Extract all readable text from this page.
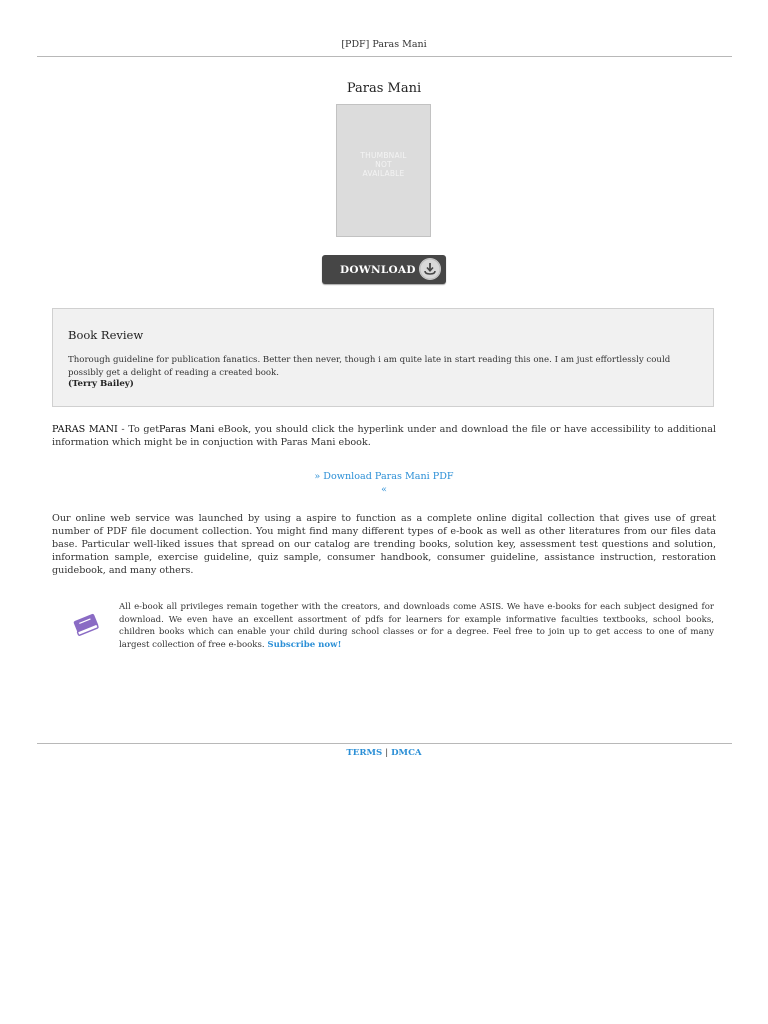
[PDF] Paras Mani
Paras Mani
THUMBNAIL
NOT
AVAILABLE
DOWNLOAD
Book Review
Thorough guideline for publication fanatics. Better then never, though i am quite late in start reading this one. I am just effortlessly could possibly get a delight of reading a created book.
(Terry Bailey)
PARAS MANI - To getParas Mani eBook, you should click the hyperlink under and download the file or have accessibility to additional information which might be in conjuction with Paras Mani ebook.
» Download Paras Mani PDF
«
Our online web service was launched by using a aspire to function as a complete online digital collection that gives use of great number of PDF file document collection. You might find many different types of e-book as well as other literatures from our files data base. Particular well-liked issues that spread on our catalog are trending books, solution key, assessment test questions and solution, information sample, exercise guideline, quiz sample, consumer handbook, consumer guideline, assistance instruction, restoration guidebook, and many others.
All e-book all privileges remain together with the creators, and downloads come ASIS. We have e-books for each subject designed for download. We even have an excellent assortment of pdfs for learners for example informative faculties textbooks, school books, children books which can enable your child during school classes or for a degree. Feel free to join up to get access to one of many largest collection of free e-books. Subscribe now!
TERMS | DMCA
